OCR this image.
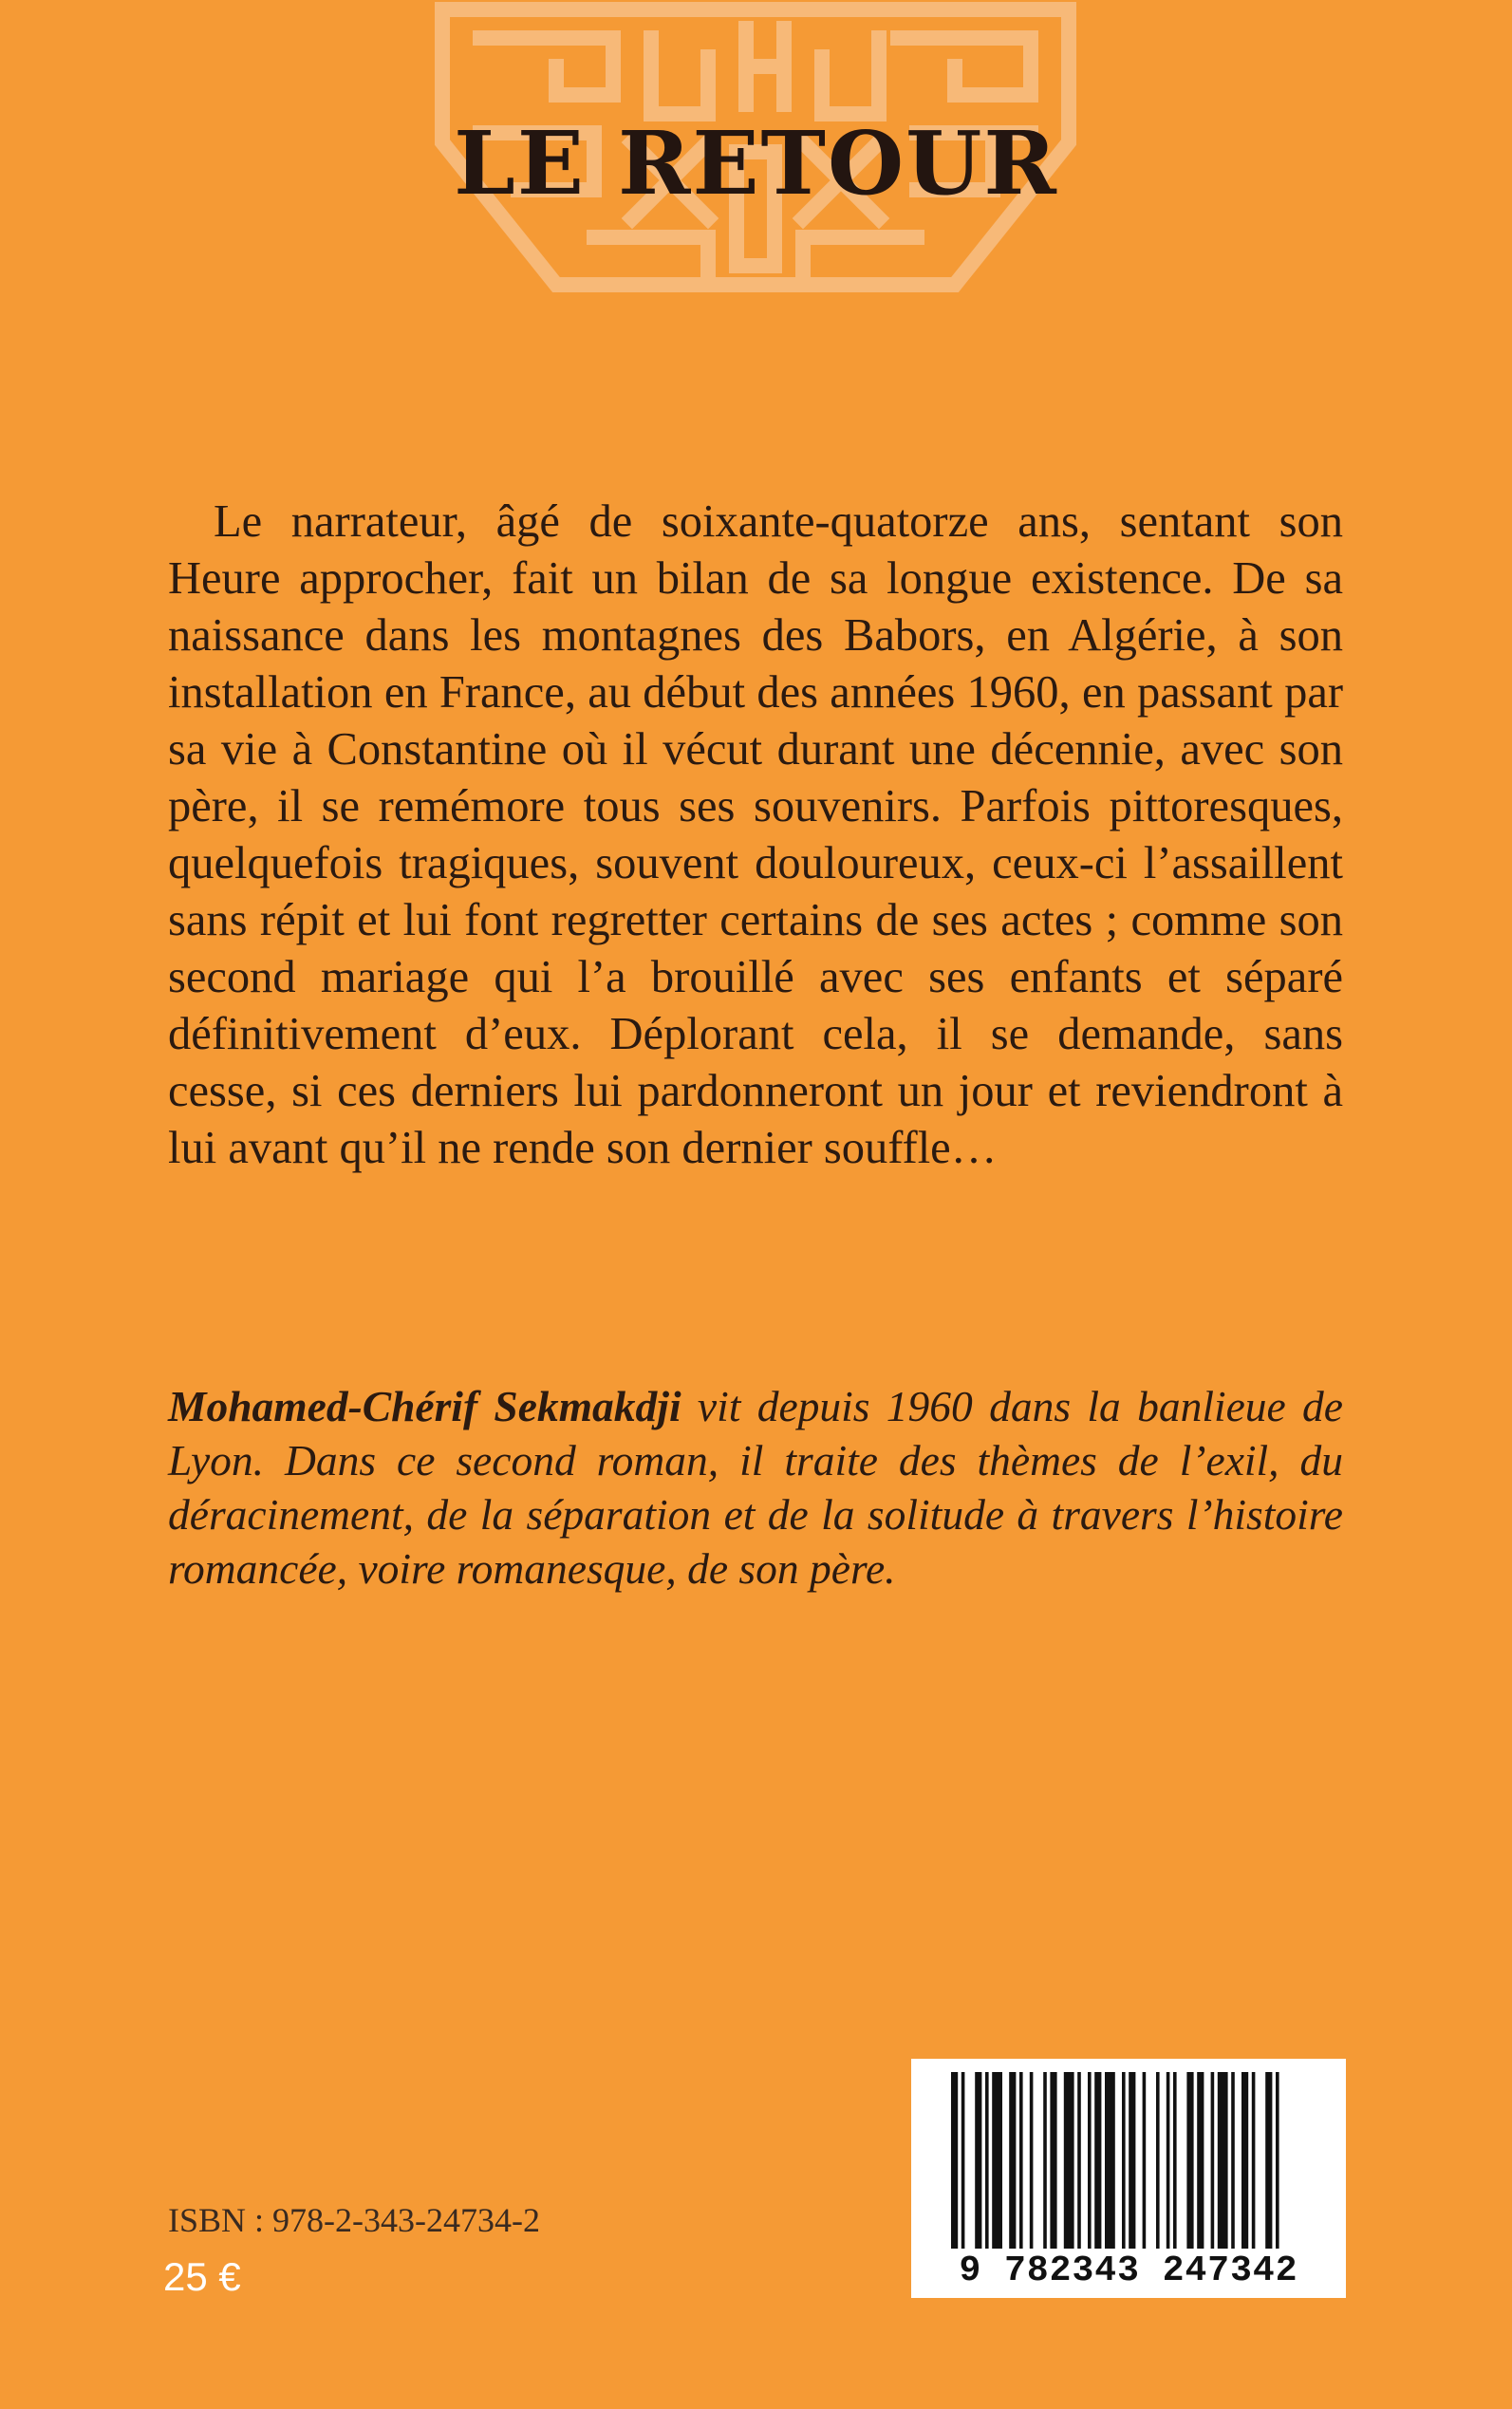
LE RETOUR

Le narrateur, âgé de soixante-quatorze ans, sentant son Heure approcher, fait un bilan de sa longue existence. De sa naissance dans les montagnes des Babors, en Algérie, à son installation en France, au début des années 1960, en passant par sa vie à Constantine où il vécut durant une décennie, avec son père, il se remémore tous ses souvenirs. Parfois pittoresques, quelquefois tragiques, souvent douloureux, ceux-ci l’assaillent sans répit et lui font regretter certains de ses actes ; comme son second mariage qui l’a brouillé avec ses enfants et séparé définitivement d’eux. Déplorant cela, il se demande, sans cesse, si ces derniers lui pardonneront un jour et reviendront à lui avant qu’il ne rende son dernier souffle…

Mohamed-Chérif Sekmakdji vit depuis 1960 dans la banlieue de Lyon. Dans ce second roman, il traite des thèmes de l’exil, du déracinement, de la séparation et de la solitude à travers l’histoire romancée, voire romanesque, de son père.

ISBN : 978-2-343-24734-2

25 €	9 782343 247342
